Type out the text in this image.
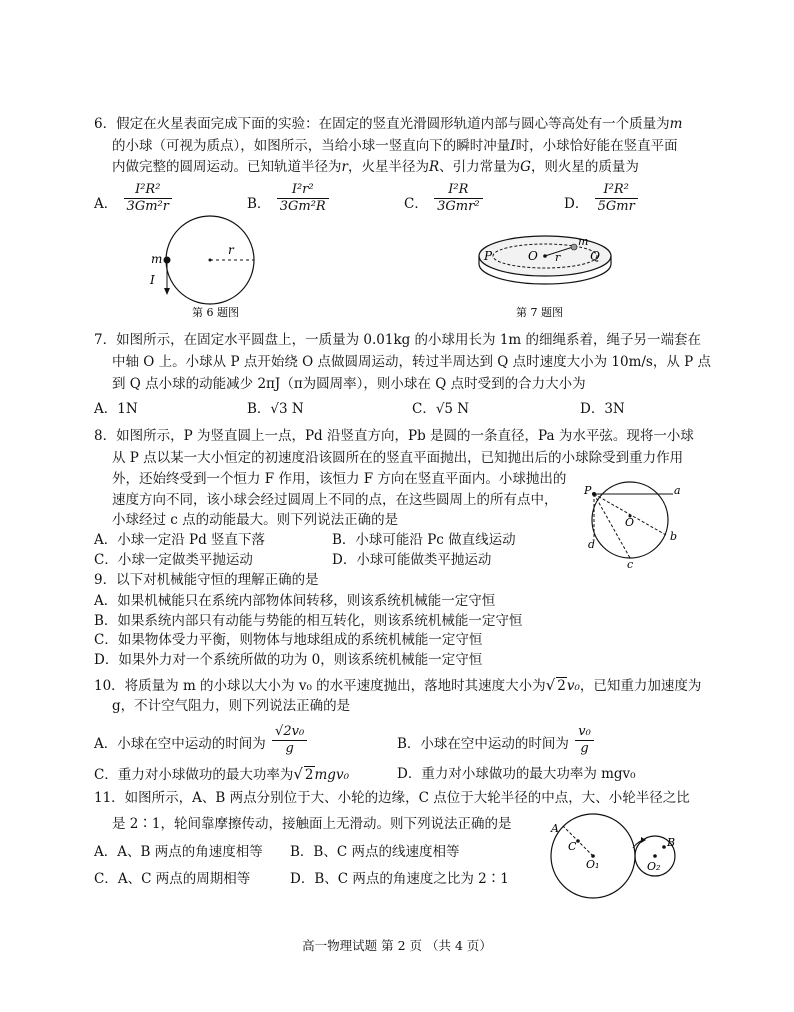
6．假定在火星表面完成下面的实验：在固定的竖直光滑圆形轨道内部与圆心等高处有一个质量为m
的小球（可视为质点），如图所示，当给小球一竖直向下的瞬时冲量I时，小球恰好能在竖直平面
内做完整的圆周运动。已知轨道半径为r，火星半径为R、引力常量为G，则火星的质量为
A． $\frac{\text{I²R²}}{\text{3Gm²r}}$	B． $\frac{\text{I²r²}}{\text{3Gm²R}}$	C． $\frac{\text{I²R}}{\text{3Gmr²}}$	D． $\frac{\text{I²R²}}{\text{5Gmr}}$
m
I
r
第 6 题图
P	O r Q
m
第 7 题图
7．如图所示，在固定水平圆盘上，一质量为 0.01kg 的小球用长为 1m 的细绳系着，绳子另一端套在
中轴 O 上。小球从 P 点开始绕 O 点做圆周运动，转过半周达到 Q 点时速度大小为 10m/s，从 P 点
到 Q 点小球的动能减少 2πJ（π为圆周率），则小球在 Q 点时受到的合力大小为
A．1N	B．√3 N	C．√5 N	D．3N
8．如图所示，P 为竖直圆上一点，Pd 沿竖直方向，Pb 是圆的一条直径，Pa 为水平弦。现将一小球
从 P 点以某一大小恒定的初速度沿该圆所在的竖直平面抛出，已知抛出后的小球除受到重力作用
外，还始终受到一个恒力 F 作用，该恒力 F 方向在竖直平面内。小球抛出的
速度方向不同，该小球会经过圆周上不同的点，在这些圆周上的所有点中，
小球经过 c 点的动能最大。则下列说法正确的是
A．小球一定沿 Pd 竖直下落	B．小球可能沿 Pc 做直线运动
C．小球一定做类平抛运动	D．小球可能做类平抛运动
P	a
O
b
d
c
9．以下对机械能守恒的理解正确的是
A．如果机械能只在系统内部物体间转移，则该系统机械能一定守恒
B．如果系统内部只有动能与势能的相互转化，则该系统机械能一定守恒
C．如果物体受力平衡，则物体与地球组成的系统机械能一定守恒
D．如果外力对一个系统所做的功为 0，则该系统机械能一定守恒
10．将质量为 m 的小球以大小为 v₀ 的水平速度抛出，落地时其速度大小为√ 2v₀，已知重力加速度为
g，不计空气阻力，则下列说法正确的是
A．小球在空中运动的时间为 $\frac{\text{√2v₀}}{g}$	B．小球在空中运动的时间为 $\frac{\text{v₀}}{g}$
C．重力对小球做功的最大功率为√ 2mgv₀	D．重力对小球做功的最大功率为 mgv₀
11．如图所示，A、B 两点分别位于大、小轮的边缘，C 点位于大轮半径的中点，大、小轮半径之比
是 2∶1，轮间靠摩擦传动，接触面上无滑动。则下列说法正确的是
A．A、B 两点的角速度相等 B．B、C 两点的线速度相等
C．A、C 两点的周期相等	D．B、C 两点的角速度之比为 2∶1
A
C
O₁
B
O₂
高一物理试题 第 2 页 （共 4 页）
